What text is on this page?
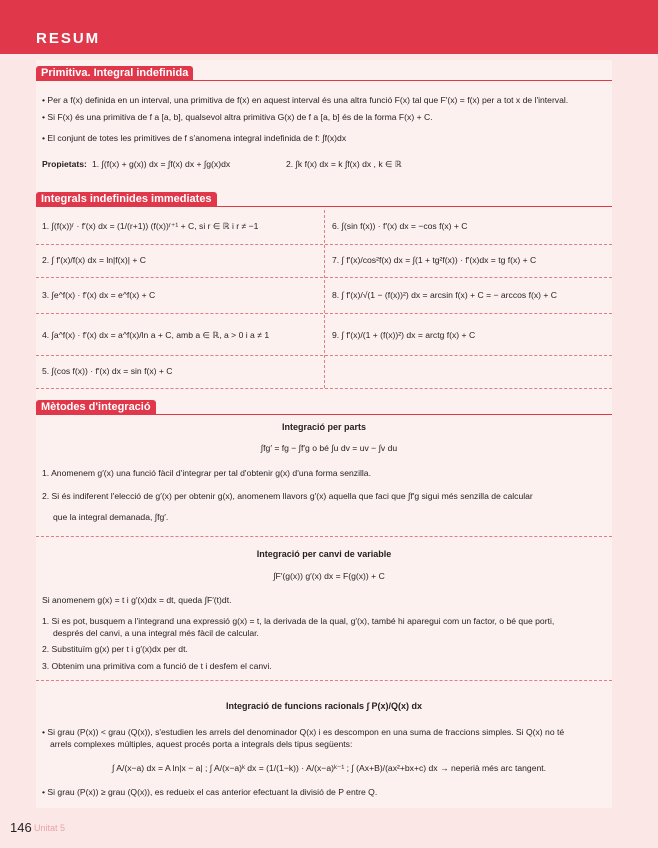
RESUM
Primitiva. Integral indefinida
• Per a f(x) definida en un interval, una primitiva de f(x) en aquest interval és una altra funció F(x) tal que F′(x) = f(x) per a tot x de l'interval.
• Si F(x) és una primitiva de f a [a, b], qualsevol altra primitiva G(x) de f a [a, b] és de la forma F(x) + C.
• El conjunt de totes les primitives de f s'anomena integral indefinida de f: ∫f(x)dx
Propietats: 1. ∫(f(x) + g(x)) dx = ∫f(x) dx + ∫g(x)dx	2. ∫k f(x) dx = k ∫f(x) dx , k ∈ ℝ
Integrals indefinides immediates
1. ∫(f(x))ʳ · f′(x) dx = (1/(r+1)) (f(x))ʳ⁺¹ + C, si r ∈ ℝ i r ≠ −1
2. ∫ f′(x)/f(x) dx = ln|f(x)| + C
3. ∫e^f(x) · f′(x) dx = e^f(x) + C
4. ∫a^f(x) · f′(x) dx = a^f(x)/ln a + C, amb a ∈ ℝ, a > 0 i a ≠ 1
5. ∫(cos f(x)) · f′(x) dx = sin f(x) + C
6. ∫(sin f(x)) · f′(x) dx = −cos f(x) + C
7. ∫ f′(x)/cos²f(x) dx = ∫(1 + tg²f(x)) · f′(x)dx = tg f(x) + C
8. ∫ f′(x)/√(1 − (f(x))²) dx = arcsin f(x) + C = − arccos f(x) + C
9. ∫ f′(x)/(1 + (f(x))²) dx = arctg f(x) + C
Mètodes d'integració
Integració per parts
∫fg′ = fg − ∫f′g o bé ∫u dv = uv − ∫v du
1. Anomenem g′(x) una funció fàcil d'integrar per tal d'obtenir g(x) d'una forma senzilla.
2. Si és indiferent l'elecció de g′(x) per obtenir g(x), anomenem llavors g′(x) aquella que faci que ∫f′g sigui més senzilla de calcular
que la integral demanada, ∫fg′.
Integració per canvi de variable
∫F′(g(x)) g′(x) dx = F(g(x)) + C
Si anomenem g(x) = t i g′(x)dx = dt, queda ∫F′(t)dt.
1. Si es pot, busquem a l'integrand una expressió g(x) = t, la derivada de la qual, g′(x), també hi aparegui com un factor, o bé que porti,
després del canvi, a una integral més fàcil de calcular.
2. Substituïm g(x) per t i g′(x)dx per dt.
3. Obtenim una primitiva com a funció de t i desfem el canvi.
Integració de funcions racionals ∫ P(x)/Q(x) dx
• Si grau (P(x)) < grau (Q(x)), s'estudien les arrels del denominador Q(x) i es descompon en una suma de fraccions simples. Si Q(x) no té
arrels complexes múltiples, aquest procés porta a integrals dels tipus següents:
∫ A/(x−a) dx = A ln|x − a| ; ∫ A/(x−a)ᵏ dx = (1/(1−k)) · A/(x−a)ᵏ⁻¹ ; ∫ (Ax+B)/(ax²+bx+c) dx → neperià més arc tangent.
• Si grau (P(x)) ≥ grau (Q(x)), es redueix el cas anterior efectuant la divisió de P entre Q.
146 Unitat 5
